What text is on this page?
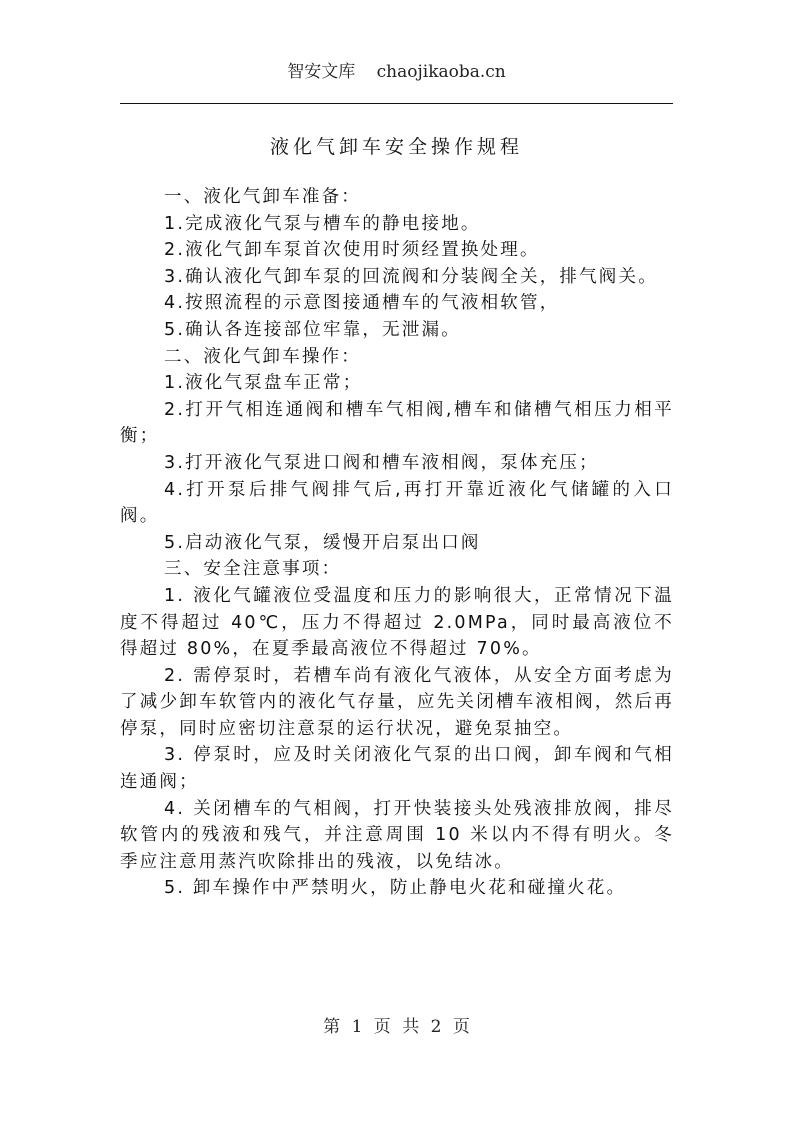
智安文库 chaojikaoba.cn
液化气卸车安全操作规程

一、液化气卸车准备：

1.完成液化气泵与槽车的静电接地。

2.液化气卸车泵首次使用时须经置换处理。

3.确认液化气卸车泵的回流阀和分装阀全关，排气阀关。

4.按照流程的示意图接通槽车的气液相软管，

5.确认各连接部位牢靠，无泄漏。

二、液化气卸车操作：

1.液化气泵盘车正常；

2.打开气相连通阀和槽车气相阀,槽车和储槽气相压力相平衡；

3.打开液化气泵进口阀和槽车液相阀，泵体充压；

4.打开泵后排气阀排气后,再打开靠近液化气储罐的入口阀。

5.启动液化气泵，缓慢开启泵出口阀

三、安全注意事项：

1. 液化气罐液位受温度和压力的影响很大，正常情况下温度不得超过 40℃，压力不得超过 2.0MPa，同时最高液位不得超过 80%，在夏季最高液位不得超过 70%。

2. 需停泵时，若槽车尚有液化气液体，从安全方面考虑为了减少卸车软管内的液化气存量，应先关闭槽车液相阀，然后再停泵，同时应密切注意泵的运行状况，避免泵抽空。

3. 停泵时，应及时关闭液化气泵的出口阀，卸车阀和气相连通阀；

4. 关闭槽车的气相阀，打开快装接头处残液排放阀，排尽软管内的残液和残气，并注意周围 10 米以内不得有明火。冬季应注意用蒸汽吹除排出的残液，以免结冰。

5. 卸车操作中严禁明火，防止静电火花和碰撞火花。

第 1 页 共 2 页
